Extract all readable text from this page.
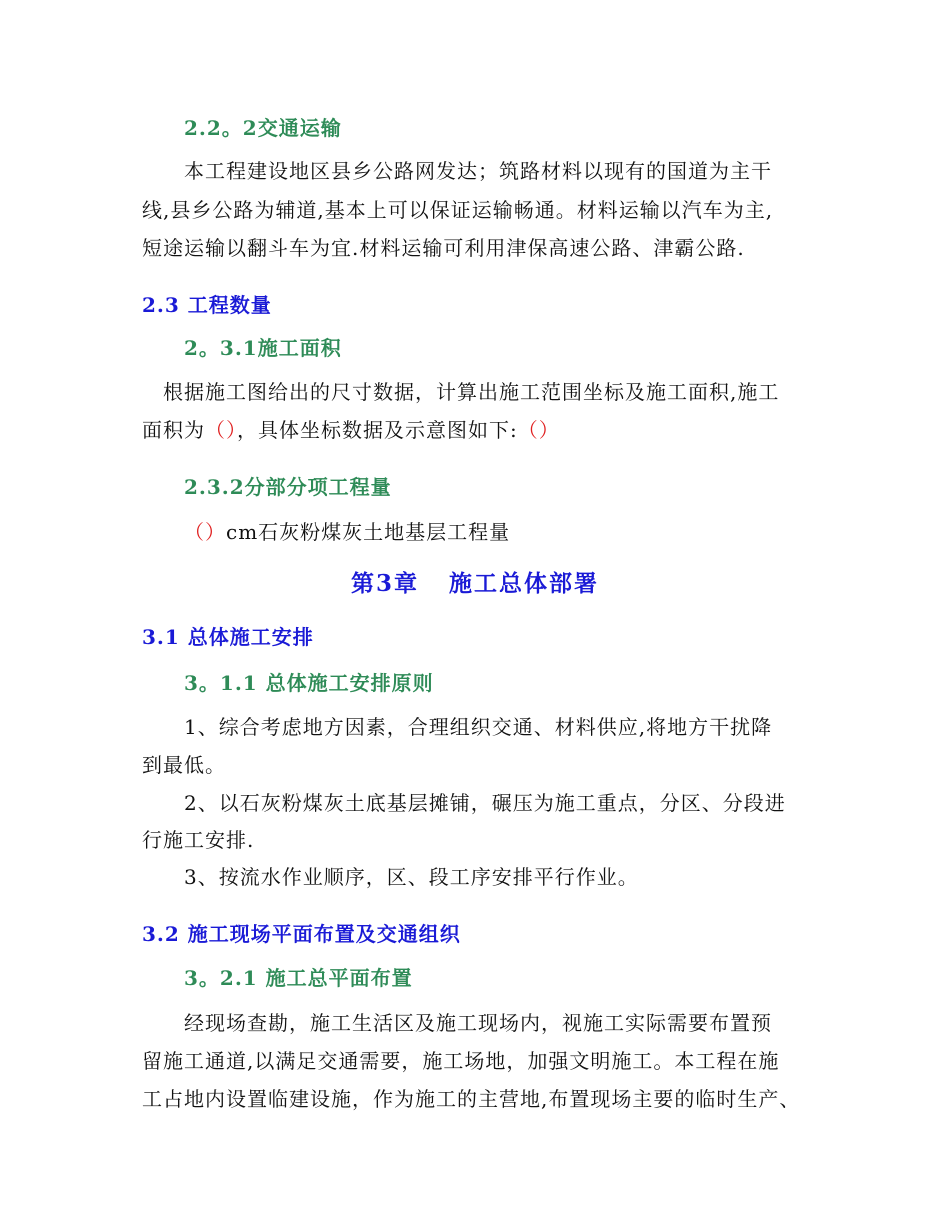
2.2。2交通运输
本工程建设地区县乡公路网发达；筑路材料以现有的国道为主干
线,县乡公路为辅道,基本上可以保证运输畅通。材料运输以汽车为主,
短途运输以翻斗车为宜.材料运输可利用津保高速公路、津霸公路.
2.3 工程数量
2。3.1施工面积
根据施工图给出的尺寸数据，计算出施工范围坐标及施工面积,施工
面积为（），具体坐标数据及示意图如下:（）
2.3.2分部分项工程量
（）cm石灰粉煤灰土地基层工程量
第3章   施工总体部署
3.1 总体施工安排
3。1.1 总体施工安排原则
1、综合考虑地方因素，合理组织交通、材料供应,将地方干扰降
到最低。
2、以石灰粉煤灰土底基层摊铺，碾压为施工重点，分区、分段进
行施工安排.
3、按流水作业顺序，区、段工序安排平行作业。
3.2 施工现场平面布置及交通组织
3。2.1 施工总平面布置
经现场查勘，施工生活区及施工现场内，视施工实际需要布置预
留施工通道,以满足交通需要，施工场地，加强文明施工。本工程在施
工占地内设置临建设施，作为施工的主营地,布置现场主要的临时生产、
